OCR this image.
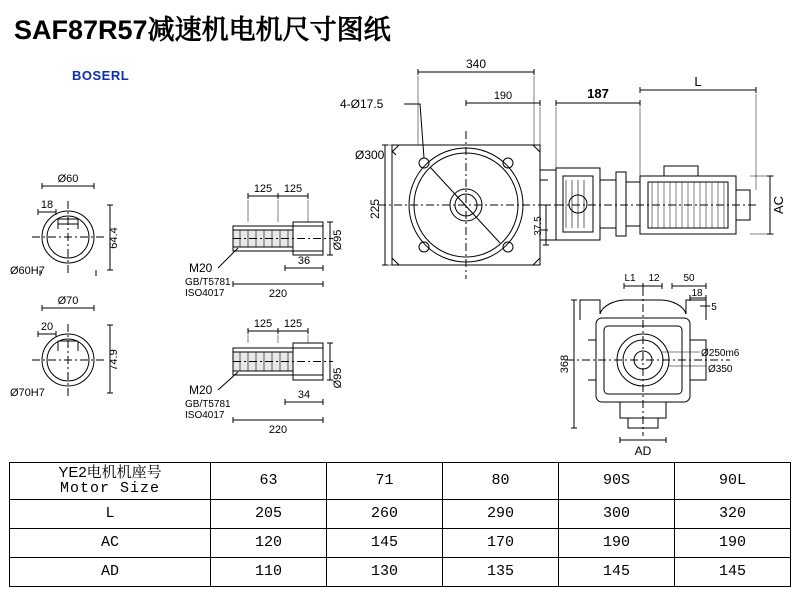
SAF87R57减速机电机尺寸图纸
BOSERL
340
190	187
L
4-Ø17.5
Ø300
225
37.5
AC
AD
368
L1 12 50
18
5
Ø250m6
Ø350
Ø60
18
64.4
Ø60H7
125 125
220
36
Ø95
M20
GB/T5781
ISO4017
Ø70
20
74.9
Ø70H7
125 125
220
34
Ø95
M20
GB/T5781
ISO4017
YE2电机机座号
Motor Size	63	71	80	90S	90L
L	205	260	290	300	320
AC	120	145	170	190	190
AD	110	130	135	145	145
